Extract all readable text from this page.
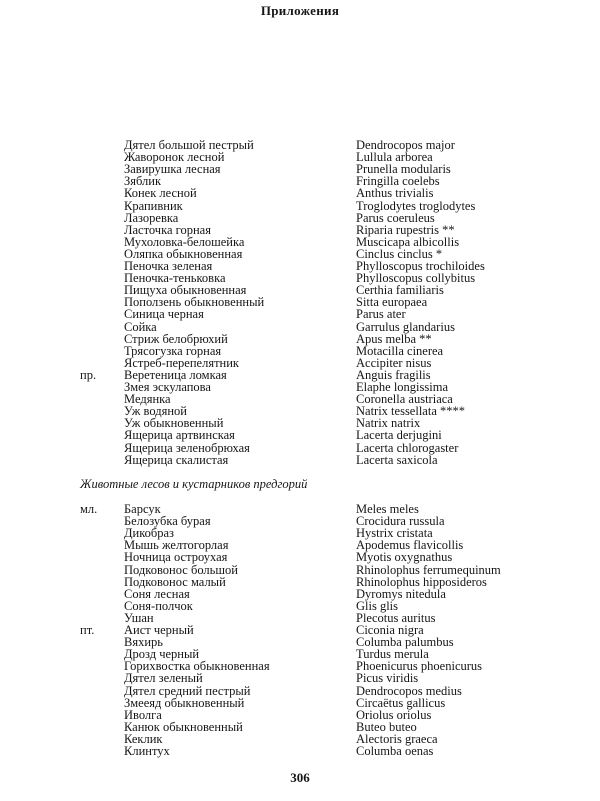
Приложения
Дятел большой пестрый	Dendrocopos major
Жаворонок лесной	Lullula arborea
Завирушка лесная	Prunella modularis
Зяблик	Fringilla coelebs
Конек лесной	Anthus trivialis
Крапивник	Troglodytes troglodytes
Лазоревка	Parus coeruleus
Ласточка горная	Riparia rupestris **
Мухоловка-белошейка	Muscicapa albicollis
Оляпка обыкновенная	Cinclus cinclus *
Пеночка зеленая	Phylloscopus trochiloides
Пеночка-теньковка	Phylloscopus collybitus
Пищуха обыкновенная	Certhia familiaris
Поползень обыкновенный	Sitta europaea
Синица черная	Parus ater
Сойка	Garrulus glandarius
Стриж белобрюхий	Apus melba **
Трясогузка горная	Motacilla cinerea
Ястреб-перепелятник	Accipiter nisus
пр. Веретеница ломкая	Anguis fragilis
Змея эскулапова	Elaphe longissima
Медянка	Coronella austriaca
Уж водяной	Natrix tessellata ****
Уж обыкновенный	Natrix natrix
Ящерица артвинская	Lacerta derjugini
Ящерица зеленобрюхая	Lacerta chlorogaster
Ящерица скалистая	Lacerta saxicola
Животные лесов и кустарников предгорий
мл. Барсук	Meles meles
Белозубка бурая	Crocidura russula
Дикобраз	Hystrix cristata
Мышь желтогорлая	Apodemus flavicollis
Ночница остроухая	Myotis oxygnathus
Подковонос большой	Rhinolophus ferrumequinum
Подковонос малый	Rhinolophus hipposideros
Соня лесная	Dyromys nitedula
Соня-полчок	Glis glis
Ушан	Plecotus auritus
пт. Аист черный	Ciconia nigra
Вяхирь	Columba palumbus
Дрозд черный	Turdus merula
Горихвостка обыкновенная	Phoenicurus phoenicurus
Дятел зеленый	Picus viridis
Дятел средний пестрый	Dendrocopos medius
Змееяд обыкновенный	Circaëtus gallicus
Иволга	Oriolus oriolus
Канюк обыкновенный	Buteo buteo
Кеклик	Alectoris graeca
Клинтух	Columba oenas
306
